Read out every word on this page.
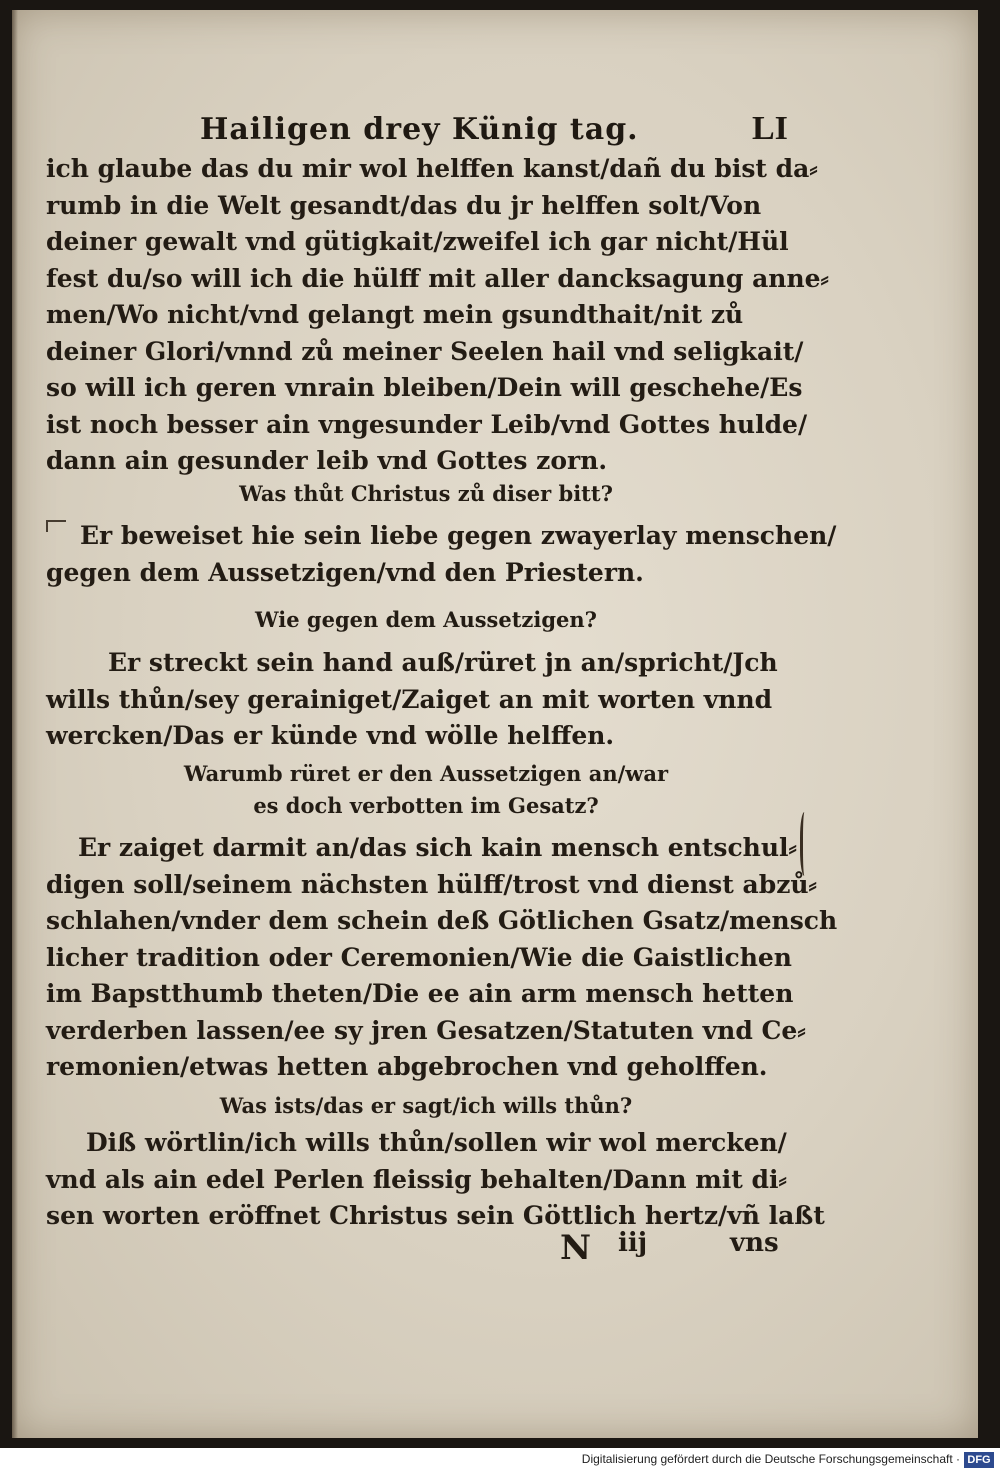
Hailigen drey Künig tag.	LI
ich glaube das du mir wol helffen kanst/dañ du bist da⸗
rumb in die Welt gesandt/das du jr helffen solt/Von
deiner gewalt vnd gütigkait/zweifel ich gar nicht/Hül
fest du/so will ich die hülff mit aller dancksagung anne⸗
men/Wo nicht/vnd gelangt mein gsundthait/nit zů
deiner Glori/vnnd zů meiner Seelen hail vnd seligkait/
so will ich geren vnrain bleiben/Dein will geschehe/Es
ist noch besser ain vngesunder Leib/vnd Gottes hulde/
dann ain gesunder leib vnd Gottes zorn.
Was thůt Christus zů diser bitt?
Er beweiset hie sein liebe gegen zwayerlay menschen/
gegen dem Aussetzigen/vnd den Priestern.
Wie gegen dem Aussetzigen?
Er streckt sein hand auß/rüret jn an/spricht/Jch
wills thůn/sey gerainiget/Zaiget an mit worten vnnd
wercken/Das er künde vnd wölle helffen.
Warumb rüret er den Aussetzigen an/war
es doch verbotten im Gesatz?
Er zaiget darmit an/das sich kain mensch entschul⸗
digen soll/seinem nächsten hülff/trost vnd dienst abzů⸗
schlahen/vnder dem schein deß Götlichen Gsatz/mensch
licher tradition oder Ceremonien/Wie die Gaistlichen
im Bapstthumb theten/Die ee ain arm mensch hetten
verderben lassen/ee sy jren Gesatzen/Statuten vnd Ce⸗
remonien/etwas hetten abgebrochen vnd geholffen.
Was ists/das er sagt/ich wills thůn?
Diß wörtlin/ich wills thůn/sollen wir wol mercken/
vnd als ain edel Perlen fleissig behalten/Dann mit di⸗
sen worten eröffnet Christus sein Göttlich hertz/vñ laßt
N iij	vns
Digitalisierung gefördert durch die Deutsche Forschungsgemeinschaft · DFG
